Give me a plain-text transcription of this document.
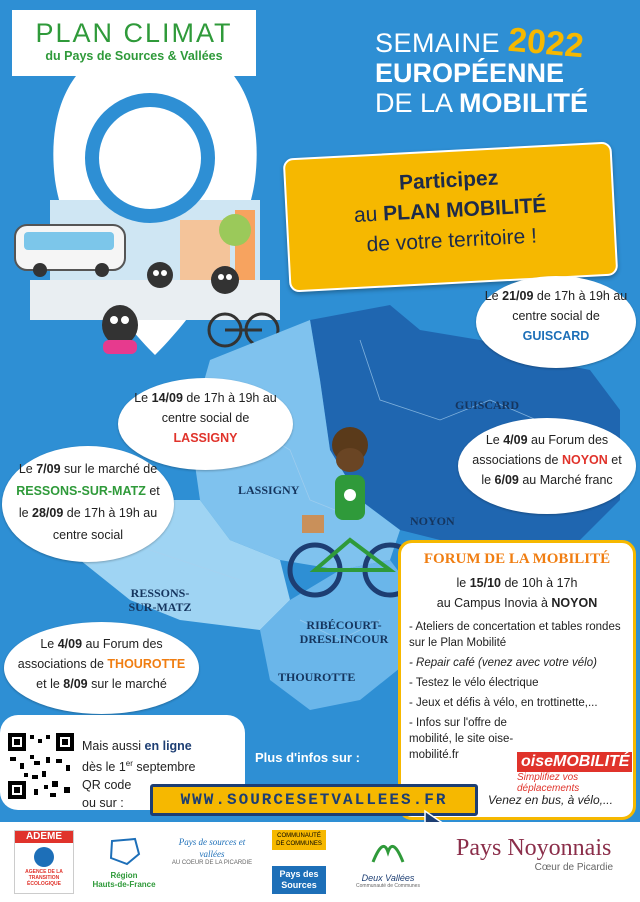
PLAN CLIMAT
du Pays de Sources & Vallées	SEMAINE
EUROPÉENNE
DE LA MOBILITÉ
2022
Participez
au PLAN MOBILITÉ
de votre territoire !
GUISCARD
LASSIGNY
NOYON
RESSONS-SUR-MATZ
RIBÉCOURT-DRESLINCOUR
THOUROTTE
Le 21/09 de 17h à 19h au centre social de GUISCARD
Le 14/09 de 17h à 19h au centre social de LASSIGNY
Le 7/09 sur le marché de RESSONS-SUR-MATZ et le 28/09 de 17h à 19h au centre social
Le 4/09 au Forum des associations de NOYON et le 6/09 au Marché franc
Le 4/09 au Forum des associations de THOUROTTE et le 8/09 sur le marché
FORUM DE LA MOBILITÉ
le 15/10 de 10h à 17h
au Campus Inovia à NOYON
- Ateliers de concertation et tables rondes sur le Plan Mobilité
- Repair café (venez avec votre vélo)
- Testez le vélo électrique
- Jeux et défis à vélo, en trottinette,...
- Infos sur l'offre de mobilité, le site oise-mobilité.fr	oiseMOBILITÉ
Simplifiez vos déplacements
Venez en bus, à vélo,...
Mais aussi en ligne
dès le 1er septembre
QR code
ou sur :
Plus d'infos sur :
WWW.SOURCESETVALLEES.FR
ADEME
AGENCE DE LA TRANSITION ÉCOLOGIQUE
Région
Hauts-de-France
Pays de sources et vallées
AU COEUR DE LA PICARDIE
COMMUNAUTÉ DE COMMUNES
Pays des Sources
Deux Vallées
Communauté de Communes
Pays Noyonnais
Cœur de Picardie
